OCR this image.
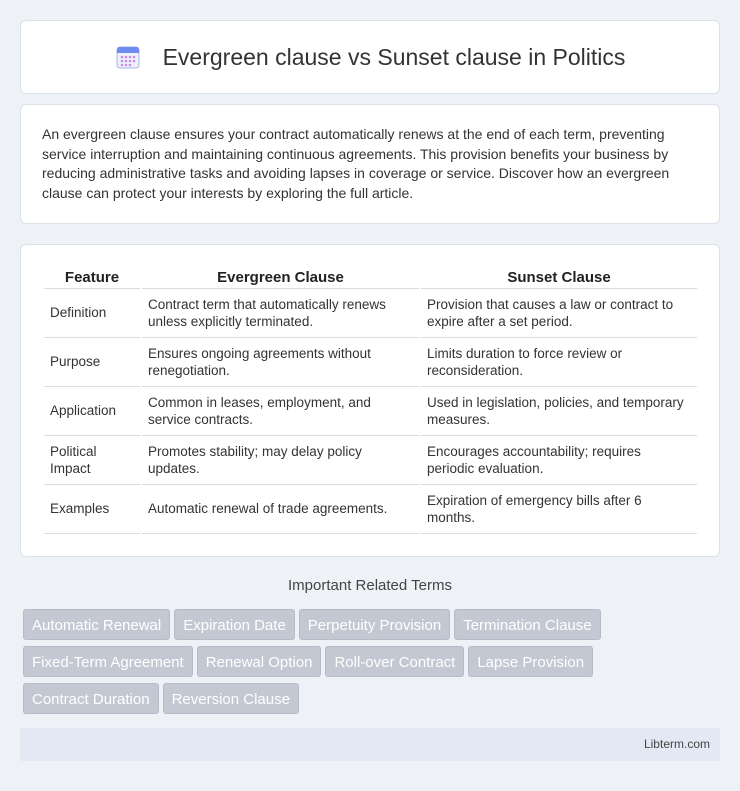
Evergreen clause vs Sunset clause in Politics

An evergreen clause ensures your contract automatically renews at the end of each term, preventing service interruption and maintaining continuous agreements. This provision benefits your business by reducing administrative tasks and avoiding lapses in coverage or service. Discover how an evergreen clause can protect your interests by exploring the full article.

Feature	Evergreen Clause	Sunset Clause
Definition	Contract term that automatically renews unless explicitly terminated.	Provision that causes a law or contract to expire after a set period.
Purpose	Ensures ongoing agreements without renegotiation.	Limits duration to force review or reconsideration.
Application	Common in leases, employment, and service contracts.	Used in legislation, policies, and temporary measures.
Political Impact	Promotes stability; may delay policy updates.	Encourages accountability; requires periodic evaluation.
Examples	Automatic renewal of trade agreements.	Expiration of emergency bills after 6 months.
Important Related Terms
Automatic Renewal Expiration Date Perpetuity Provision Termination Clause
Fixed-Term Agreement Renewal Option Roll-over Contract Lapse Provision
Contract Duration Reversion Clause
Libterm.com
